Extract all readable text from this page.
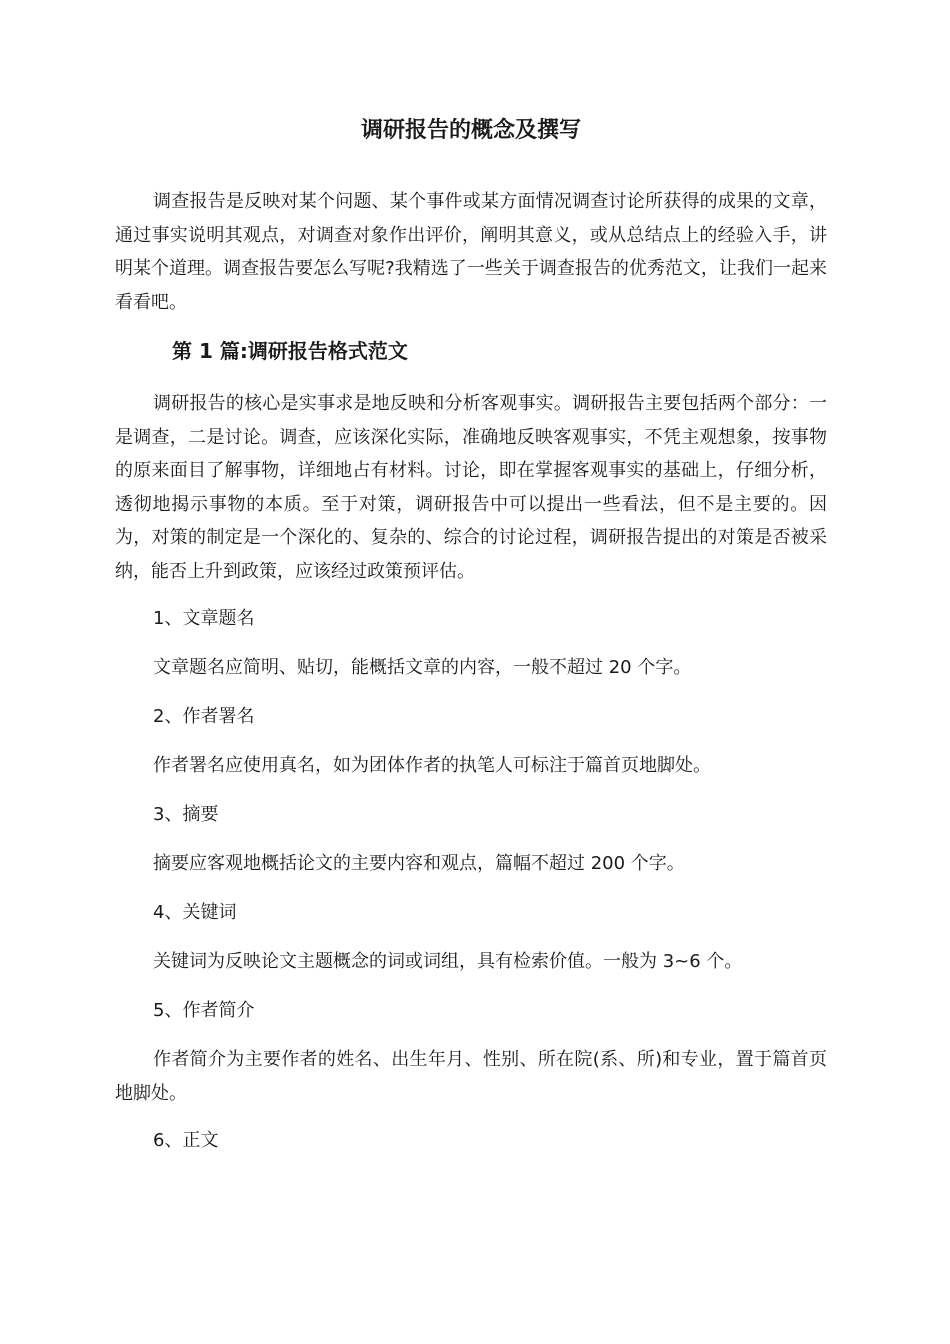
调研报告的概念及撰写

调查报告是反映对某个问题、某个事件或某方面情况调查讨论所获得的成果的文章，通过事实说明其观点，对调查对象作出评价，阐明其意义，或从总结点上的经验入手，讲明某个道理。调查报告要怎么写呢?我精选了一些关于调查报告的优秀范文，让我们一起来看看吧。

第 1 篇:调研报告格式范文

调研报告的核心是实事求是地反映和分析客观事实。调研报告主要包括两个部分：一是调查，二是讨论。调查，应该深化实际，准确地反映客观事实，不凭主观想象，按事物的原来面目了解事物，详细地占有材料。讨论，即在掌握客观事实的基础上，仔细分析，透彻地揭示事物的本质。至于对策，调研报告中可以提出一些看法，但不是主要的。因为，对策的制定是一个深化的、复杂的、综合的讨论过程，调研报告提出的对策是否被采纳，能否上升到政策，应该经过政策预评估。

1、文章题名

文章题名应简明、贴切，能概括文章的内容，一般不超过 20 个字。

2、作者署名

作者署名应使用真名，如为团体作者的执笔人可标注于篇首页地脚处。

3、摘要

摘要应客观地概括论文的主要内容和观点，篇幅不超过 200 个字。

4、关键词

关键词为反映论文主题概念的词或词组，具有检索价值。一般为 3~6 个。

5、作者简介

作者简介为主要作者的姓名、出生年月、性别、所在院(系、所)和专业，置于篇首页地脚处。

6、正文
